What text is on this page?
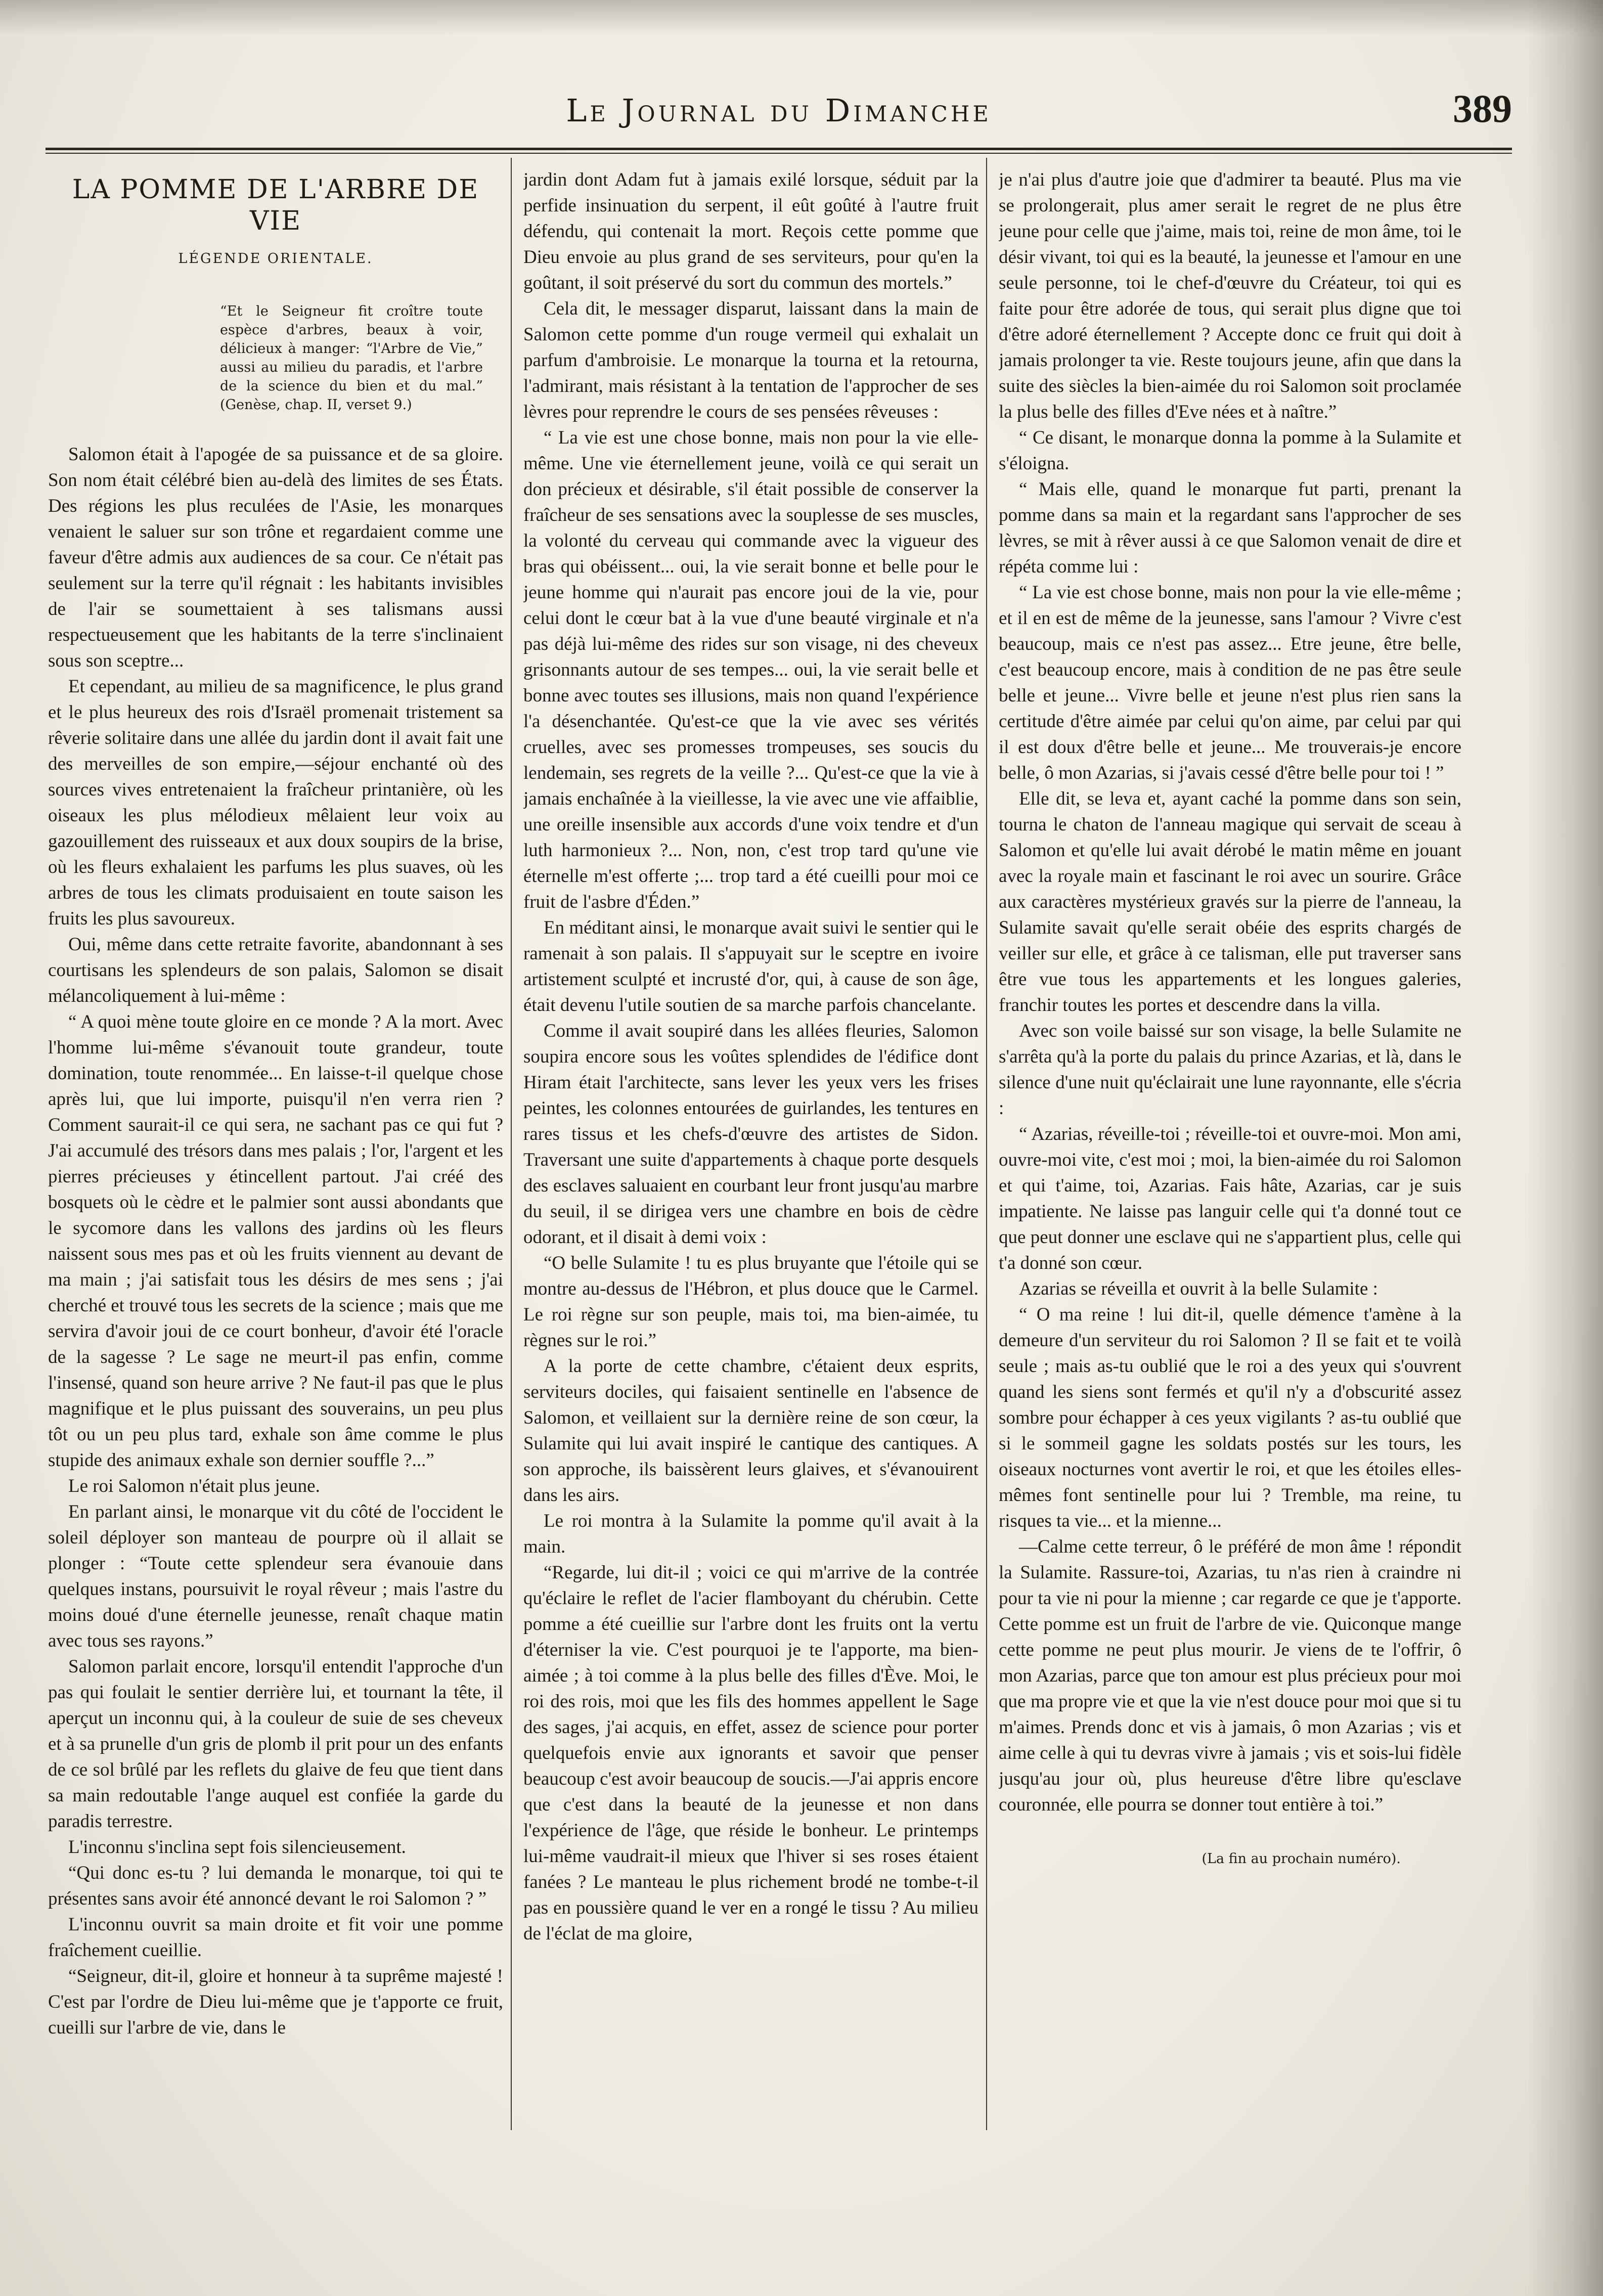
Le Journal du Dimanche	389
LA POMME DE L'ARBRE DE VIE
LÉGENDE ORIENTALE.
“Et le Seigneur fit croître toute espèce d'arbres, beaux à voir, délicieux à manger: “l'Arbre de Vie,” aussi au milieu du paradis, et l'arbre de la science du bien et du mal.” (Genèse, chap. II, verset 9.)

Salomon était à l'apogée de sa puissance et de sa gloire. Son nom était célébré bien au-delà des limites de ses États. Des régions les plus reculées de l'Asie, les monarques venaient le saluer sur son trône et regardaient comme une faveur d'être admis aux audiences de sa cour. Ce n'était pas seulement sur la terre qu'il régnait : les habitants invisibles de l'air se soumettaient à ses talismans aussi respectueusement que les habitants de la terre s'inclinaient sous son sceptre...

Et cependant, au milieu de sa magnificence, le plus grand et le plus heureux des rois d'Israël promenait tristement sa rêverie solitaire dans une allée du jardin dont il avait fait une des merveilles de son empire,—séjour enchanté où des sources vives entretenaient la fraîcheur printanière, où les oiseaux les plus mélodieux mêlaient leur voix au gazouillement des ruisseaux et aux doux soupirs de la brise, où les fleurs exhalaient les parfums les plus suaves, où les arbres de tous les climats produisaient en toute saison les fruits les plus savoureux.

Oui, même dans cette retraite favorite, abandonnant à ses courtisans les splendeurs de son palais, Salomon se disait mélancoliquement à lui-même :

“ A quoi mène toute gloire en ce monde ? A la mort. Avec l'homme lui-même s'évanouit toute grandeur, toute domination, toute renommée... En laisse-t-il quelque chose après lui, que lui importe, puisqu'il n'en verra rien ? Comment saurait-il ce qui sera, ne sachant pas ce qui fut ? J'ai accumulé des trésors dans mes palais ; l'or, l'argent et les pierres précieuses y étincellent partout. J'ai créé des bosquets où le cèdre et le palmier sont aussi abondants que le sycomore dans les vallons des jardins où les fleurs naissent sous mes pas et où les fruits viennent au devant de ma main ; j'ai satisfait tous les désirs de mes sens ; j'ai cherché et trouvé tous les secrets de la science ; mais que me servira d'avoir joui de ce court bonheur, d'avoir été l'oracle de la sagesse ? Le sage ne meurt-il pas enfin, comme l'insensé, quand son heure arrive ? Ne faut-il pas que le plus magnifique et le plus puissant des souverains, un peu plus tôt ou un peu plus tard, exhale son âme comme le plus stupide des animaux exhale son dernier souffle ?...”

Le roi Salomon n'était plus jeune.

En parlant ainsi, le monarque vit du côté de l'occident le soleil déployer son manteau de pourpre où il allait se plonger : “Toute cette splendeur sera évanouie dans quelques instans, poursuivit le royal rêveur ; mais l'astre du moins doué d'une éternelle jeunesse, renaît chaque matin avec tous ses rayons.”

Salomon parlait encore, lorsqu'il entendit l'approche d'un pas qui foulait le sentier derrière lui, et tournant la tête, il aperçut un inconnu qui, à la couleur de suie de ses cheveux et à sa prunelle d'un gris de plomb il prit pour un des enfants de ce sol brûlé par les reflets du glaive de feu que tient dans sa main redoutable l'ange auquel est confiée la garde du paradis terrestre.

L'inconnu s'inclina sept fois silencieusement.

“Qui donc es-tu ? lui demanda le monarque, toi qui te présentes sans avoir été annoncé devant le roi Salomon ? ”

L'inconnu ouvrit sa main droite et fit voir une pomme fraîchement cueillie.

“Seigneur, dit-il, gloire et honneur à ta suprême majesté ! C'est par l'ordre de Dieu lui-même que je t'apporte ce fruit, cueilli sur l'arbre de vie, dans le

jardin dont Adam fut à jamais exilé lorsque, séduit par la perfide insinuation du serpent, il eût goûté à l'autre fruit défendu, qui contenait la mort. Reçois cette pomme que Dieu envoie au plus grand de ses serviteurs, pour qu'en la goûtant, il soit préservé du sort du commun des mortels.”

Cela dit, le messager disparut, laissant dans la main de Salomon cette pomme d'un rouge vermeil qui exhalait un parfum d'ambroisie. Le monarque la tourna et la retourna, l'admirant, mais résistant à la tentation de l'approcher de ses lèvres pour reprendre le cours de ses pensées rêveuses :

“ La vie est une chose bonne, mais non pour la vie elle-même. Une vie éternellement jeune, voilà ce qui serait un don précieux et désirable, s'il était possible de conserver la fraîcheur de ses sensations avec la souplesse de ses muscles, la volonté du cerveau qui commande avec la vigueur des bras qui obéissent... oui, la vie serait bonne et belle pour le jeune homme qui n'aurait pas encore joui de la vie, pour celui dont le cœur bat à la vue d'une beauté virginale et n'a pas déjà lui-même des rides sur son visage, ni des cheveux grisonnants autour de ses tempes... oui, la vie serait belle et bonne avec toutes ses illusions, mais non quand l'expérience l'a désenchantée. Qu'est-ce que la vie avec ses vérités cruelles, avec ses promesses trompeuses, ses soucis du lendemain, ses regrets de la veille ?... Qu'est-ce que la vie à jamais enchaînée à la vieillesse, la vie avec une vie affaiblie, une oreille insensible aux accords d'une voix tendre et d'un luth harmonieux ?... Non, non, c'est trop tard qu'une vie éternelle m'est offerte ;... trop tard a été cueilli pour moi ce fruit de l'asbre d'Éden.”

En méditant ainsi, le monarque avait suivi le sentier qui le ramenait à son palais. Il s'appuyait sur le sceptre en ivoire artistement sculpté et incrusté d'or, qui, à cause de son âge, était devenu l'utile soutien de sa marche parfois chancelante.

Comme il avait soupiré dans les allées fleuries, Salomon soupira encore sous les voûtes splendides de l'édifice dont Hiram était l'architecte, sans lever les yeux vers les frises peintes, les colonnes entourées de guirlandes, les tentures en rares tissus et les chefs-d'œuvre des artistes de Sidon. Traversant une suite d'appartements à chaque porte desquels des esclaves saluaient en courbant leur front jusqu'au marbre du seuil, il se dirigea vers une chambre en bois de cèdre odorant, et il disait à demi voix :

“O belle Sulamite ! tu es plus bruyante que l'étoile qui se montre au-dessus de l'Hébron, et plus douce que le Carmel. Le roi règne sur son peuple, mais toi, ma bien-aimée, tu règnes sur le roi.”

A la porte de cette chambre, c'étaient deux esprits, serviteurs dociles, qui faisaient sentinelle en l'absence de Salomon, et veillaient sur la dernière reine de son cœur, la Sulamite qui lui avait inspiré le cantique des cantiques. A son approche, ils baissèrent leurs glaives, et s'évanouirent dans les airs.

Le roi montra à la Sulamite la pomme qu'il avait à la main.

“Regarde, lui dit-il ; voici ce qui m'arrive de la contrée qu'éclaire le reflet de l'acier flamboyant du chérubin. Cette pomme a été cueillie sur l'arbre dont les fruits ont la vertu d'éterniser la vie. C'est pourquoi je te l'apporte, ma bien-aimée ; à toi comme à la plus belle des filles d'Ève. Moi, le roi des rois, moi que les fils des hommes appellent le Sage des sages, j'ai acquis, en effet, assez de science pour porter quelquefois envie aux ignorants et savoir que penser beaucoup c'est avoir beaucoup de soucis.—J'ai appris encore que c'est dans la beauté de la jeunesse et non dans l'expérience de l'âge, que réside le bonheur. Le printemps lui-même vaudrait-il mieux que l'hiver si ses roses étaient fanées ? Le manteau le plus richement brodé ne tombe-t-il pas en poussière quand le ver en a rongé le tissu ? Au milieu de l'éclat de ma gloire,

je n'ai plus d'autre joie que d'admirer ta beauté. Plus ma vie se prolongerait, plus amer serait le regret de ne plus être jeune pour celle que j'aime, mais toi, reine de mon âme, toi le désir vivant, toi qui es la beauté, la jeunesse et l'amour en une seule personne, toi le chef-d'œuvre du Créateur, toi qui es faite pour être adorée de tous, qui serait plus digne que toi d'être adoré éternellement ? Accepte donc ce fruit qui doit à jamais prolonger ta vie. Reste toujours jeune, afin que dans la suite des siècles la bien-aimée du roi Salomon soit proclamée la plus belle des filles d'Eve nées et à naître.”

“ Ce disant, le monarque donna la pomme à la Sulamite et s'éloigna.

“ Mais elle, quand le monarque fut parti, prenant la pomme dans sa main et la regardant sans l'approcher de ses lèvres, se mit à rêver aussi à ce que Salomon venait de dire et répéta comme lui :

“ La vie est chose bonne, mais non pour la vie elle-même ; et il en est de même de la jeunesse, sans l'amour ? Vivre c'est beaucoup, mais ce n'est pas assez... Etre jeune, être belle, c'est beaucoup encore, mais à condition de ne pas être seule belle et jeune... Vivre belle et jeune n'est plus rien sans la certitude d'être aimée par celui qu'on aime, par celui par qui il est doux d'être belle et jeune... Me trouverais-je encore belle, ô mon Azarias, si j'avais cessé d'être belle pour toi ! ”

Elle dit, se leva et, ayant caché la pomme dans son sein, tourna le chaton de l'anneau magique qui servait de sceau à Salomon et qu'elle lui avait dérobé le matin même en jouant avec la royale main et fascinant le roi avec un sourire. Grâce aux caractères mystérieux gravés sur la pierre de l'anneau, la Sulamite savait qu'elle serait obéie des esprits chargés de veiller sur elle, et grâce à ce talisman, elle put traverser sans être vue tous les appartements et les longues galeries, franchir toutes les portes et descendre dans la villa.

Avec son voile baissé sur son visage, la belle Sulamite ne s'arrêta qu'à la porte du palais du prince Azarias, et là, dans le silence d'une nuit qu'éclairait une lune rayonnante, elle s'écria :

“ Azarias, réveille-toi ; réveille-toi et ouvre-moi. Mon ami, ouvre-moi vite, c'est moi ; moi, la bien-aimée du roi Salomon et qui t'aime, toi, Azarias. Fais hâte, Azarias, car je suis impatiente. Ne laisse pas languir celle qui t'a donné tout ce que peut donner une esclave qui ne s'appartient plus, celle qui t'a donné son cœur.

Azarias se réveilla et ouvrit à la belle Sulamite :

“ O ma reine ! lui dit-il, quelle démence t'amène à la demeure d'un serviteur du roi Salomon ? Il se fait et te voilà seule ; mais as-tu oublié que le roi a des yeux qui s'ouvrent quand les siens sont fermés et qu'il n'y a d'obscurité assez sombre pour échapper à ces yeux vigilants ? as-tu oublié que si le sommeil gagne les soldats postés sur les tours, les oiseaux nocturnes vont avertir le roi, et que les étoiles elles-mêmes font sentinelle pour lui ? Tremble, ma reine, tu risques ta vie... et la mienne...

—Calme cette terreur, ô le préféré de mon âme ! répondit la Sulamite. Rassure-toi, Azarias, tu n'as rien à craindre ni pour ta vie ni pour la mienne ; car regarde ce que je t'apporte. Cette pomme est un fruit de l'arbre de vie. Quiconque mange cette pomme ne peut plus mourir. Je viens de te l'offrir, ô mon Azarias, parce que ton amour est plus précieux pour moi que ma propre vie et que la vie n'est douce pour moi que si tu m'aimes. Prends donc et vis à jamais, ô mon Azarias ; vis et aime celle à qui tu devras vivre à jamais ; vis et sois-lui fidèle jusqu'au jour où, plus heureuse d'être libre qu'esclave couronnée, elle pourra se donner tout entière à toi.”

(La fin au prochain numéro).
